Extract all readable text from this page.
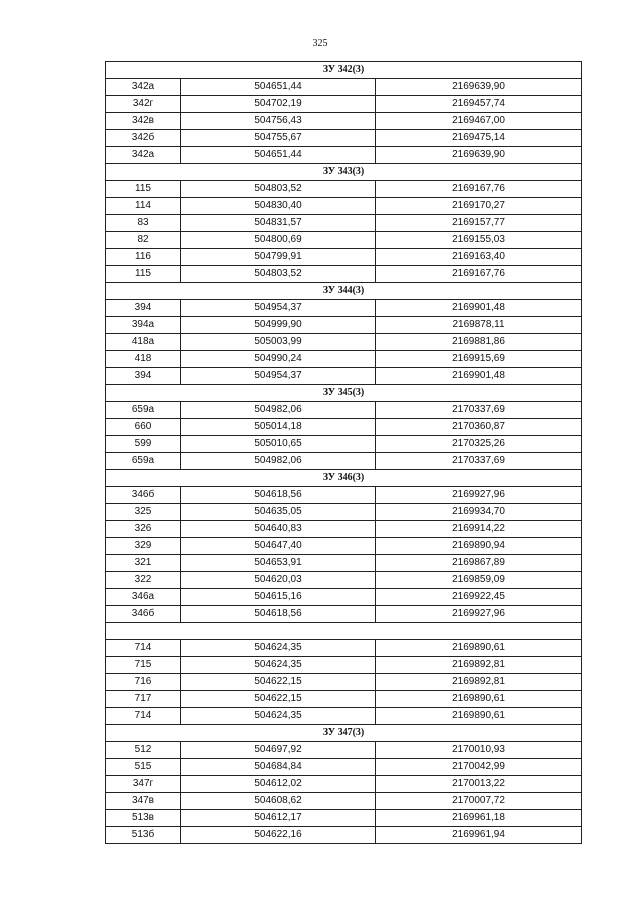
325
ЗУ 342(3)		
342а	504651,44	2169639,90
342г	504702,19	2169457,74
342в	504756,43	2169467,00
342б	504755,67	2169475,14
342а	504651,44	2169639,90
ЗУ 343(3)		
115	504803,52	2169167,76
114	504830,40	2169170,27
83	504831,57	2169157,77
82	504800,69	2169155,03
116	504799,91	2169163,40
115	504803,52	2169167,76
ЗУ 344(3)		
394	504954,37	2169901,48
394а	504999,90	2169878,11
418а	505003,99	2169881,86
418	504990,24	2169915,69
394	504954,37	2169901,48
ЗУ 345(3)		
659а	504982,06	2170337,69
660	505014,18	2170360,87
599	505010,65	2170325,26
659а	504982,06	2170337,69
ЗУ 346(3)		
346б	504618,56	2169927,96
325	504635,05	2169934,70
326	504640,83	2169914,22
329	504647,40	2169890,94
321	504653,91	2169867,89
322	504620,03	2169859,09
346а	504615,16	2169922,45
346б	504618,56	2169927,96

714	504624,35	2169890,61
715	504624,35	2169892,81
716	504622,15	2169892,81
717	504622,15	2169890,61
714	504624,35	2169890,61
ЗУ 347(3)		
512	504697,92	2170010,93
515	504684,84	2170042,99
347г	504612,02	2170013,22
347в	504608,62	2170007,72
513в	504612,17	2169961,18
513б	504622,16	2169961,94
